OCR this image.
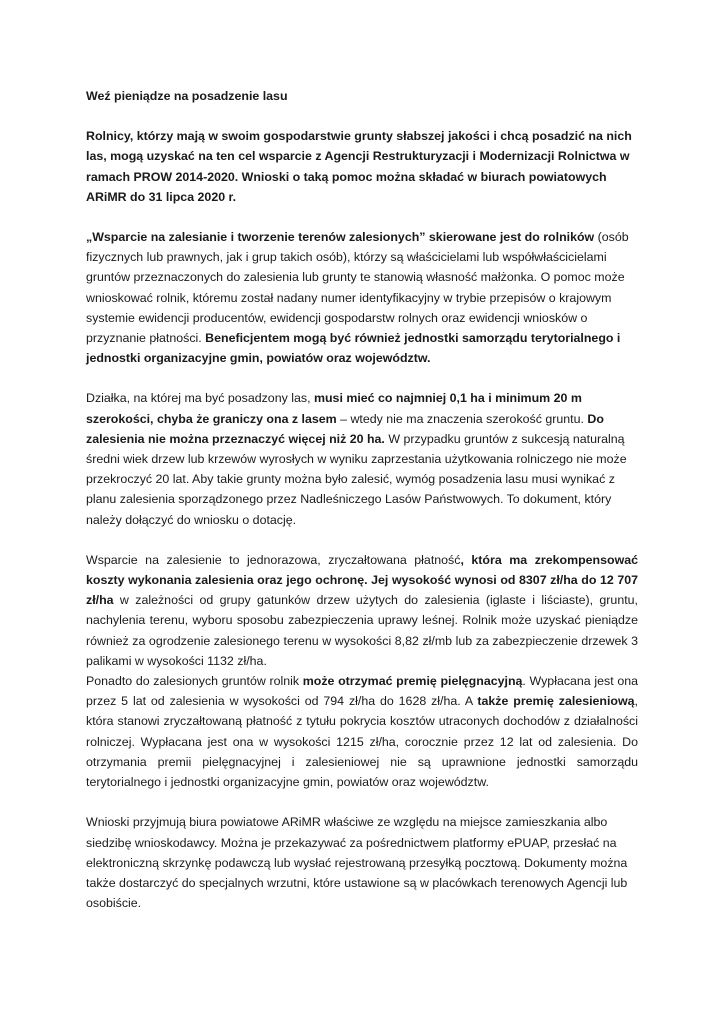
Weź pieniądze na posadzenie lasu

Rolnicy, którzy mają w swoim gospodarstwie grunty słabszej jakości i chcą posadzić na nich las, mogą uzyskać na ten cel wsparcie z Agencji Restrukturyzacji i Modernizacji Rolnictwa w ramach PROW 2014-2020. Wnioski o taką pomoc można składać w biurach powiatowych ARiMR do 31 lipca 2020 r.

„Wsparcie na zalesianie i tworzenie terenów zalesionych” skierowane jest do rolników (osób fizycznych lub prawnych, jak i grup takich osób), którzy są właścicielami lub współwłaścicielami gruntów przeznaczonych do zalesienia lub grunty te stanowią własność małżonka. O pomoc może wnioskować rolnik, któremu został nadany numer identyfikacyjny w trybie przepisów o krajowym systemie ewidencji producentów, ewidencji gospodarstw rolnych oraz ewidencji wniosków o przyznanie płatności. Beneficjentem mogą być również jednostki samorządu terytorialnego i jednostki organizacyjne gmin, powiatów oraz województw.

Działka, na której ma być posadzony las, musi mieć co najmniej 0,1 ha i minimum 20 m szerokości, chyba że graniczy ona z lasem – wtedy nie ma znaczenia szerokość gruntu. Do zalesienia nie można przeznaczyć więcej niż 20 ha. W przypadku gruntów z sukcesją naturalną średni wiek drzew lub krzewów wyrosłych w wyniku zaprzestania użytkowania rolniczego nie może przekroczyć 20 lat. Aby takie grunty można było zalesić, wymóg posadzenia lasu musi wynikać z planu zalesienia sporządzonego przez Nadleśniczego Lasów Państwowych. To dokument, który należy dołączyć do wniosku o dotację.

Wsparcie na zalesienie to jednorazowa, zryczałtowana płatność, która ma zrekompensować koszty wykonania zalesienia oraz jego ochronę. Jej wysokość wynosi od 8307 zł/ha do 12 707 zł/ha w zależności od grupy gatunków drzew użytych do zalesienia (iglaste i liściaste), gruntu, nachylenia terenu, wyboru sposobu zabezpieczenia uprawy leśnej. Rolnik może uzyskać pieniądze również za ogrodzenie zalesionego terenu w wysokości 8,82 zł/mb lub za zabezpieczenie drzewek 3 palikami w wysokości 1132 zł/ha.

Ponadto do zalesionych gruntów rolnik może otrzymać premię pielęgnacyjną. Wypłacana jest ona przez 5 lat od zalesienia w wysokości od 794 zł/ha do 1628 zł/ha. A także premię zalesieniową, która stanowi zryczałtowaną płatność z tytułu pokrycia kosztów utraconych dochodów z działalności rolniczej. Wypłacana jest ona w wysokości 1215 zł/ha, corocznie przez 12 lat od zalesienia. Do otrzymania premii pielęgnacyjnej i zalesieniowej nie są uprawnione jednostki samorządu terytorialnego i jednostki organizacyjne gmin, powiatów oraz województw.

Wnioski przyjmują biura powiatowe ARiMR właściwe ze względu na miejsce zamieszkania albo siedzibę wnioskodawcy. Można je przekazywać za pośrednictwem platformy ePUAP, przesłać na elektroniczną skrzynkę podawczą lub wysłać rejestrowaną przesyłką pocztową. Dokumenty można także dostarczyć do specjalnych wrzutni, które ustawione są w placówkach terenowych Agencji lub osobiście.
